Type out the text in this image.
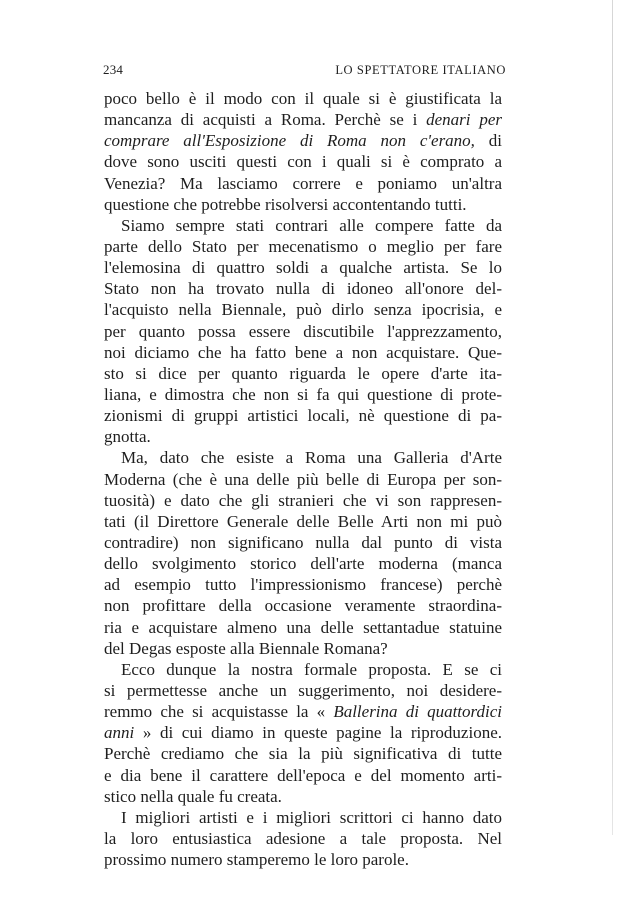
234	LO SPETTATORE ITALIANO
poco bello è il modo con il quale si è giustificata la
mancanza di acquisti a Roma. Perchè se i denari per
comprare all'Esposizione di Roma non c'erano, di
dove sono usciti questi con i quali si è comprato a
Venezia? Ma lasciamo correre e poniamo un'altra
questione che potrebbe risolversi accontentando tutti.
Siamo sempre stati contrari alle compere fatte da
parte dello Stato per mecenatismo o meglio per fare
l'elemosina di quattro soldi a qualche artista. Se lo
Stato non ha trovato nulla di idoneo all'onore del-
l'acquisto nella Biennale, può dirlo senza ipocrisia, e
per quanto possa essere discutibile l'apprezzamento,
noi diciamo che ha fatto bene a non acquistare. Que-
sto si dice per quanto riguarda le opere d'arte ita-
liana, e dimostra che non si fa qui questione di prote-
zionismi di gruppi artistici locali, nè questione di pa-
gnotta.
Ma, dato che esiste a Roma una Galleria d'Arte
Moderna (che è una delle più belle di Europa per son-
tuosità) e dato che gli stranieri che vi son rappresen-
tati (il Direttore Generale delle Belle Arti non mi può
contradire) non significano nulla dal punto di vista
dello svolgimento storico dell'arte moderna (manca
ad esempio tutto l'impressionismo francese) perchè
non profittare della occasione veramente straordina-
ria e acquistare almeno una delle settantadue statuine
del Degas esposte alla Biennale Romana?
Ecco dunque la nostra formale proposta. E se ci
si permettesse anche un suggerimento, noi desidere-
remmo che si acquistasse la « Ballerina di quattordici
anni » di cui diamo in queste pagine la riproduzione.
Perchè crediamo che sia la più significativa di tutte
e dia bene il carattere dell'epoca e del momento arti-
stico nella quale fu creata.
I migliori artisti e i migliori scrittori ci hanno dato
la loro entusiastica adesione a tale proposta. Nel
prossimo numero stamperemo le loro parole.
